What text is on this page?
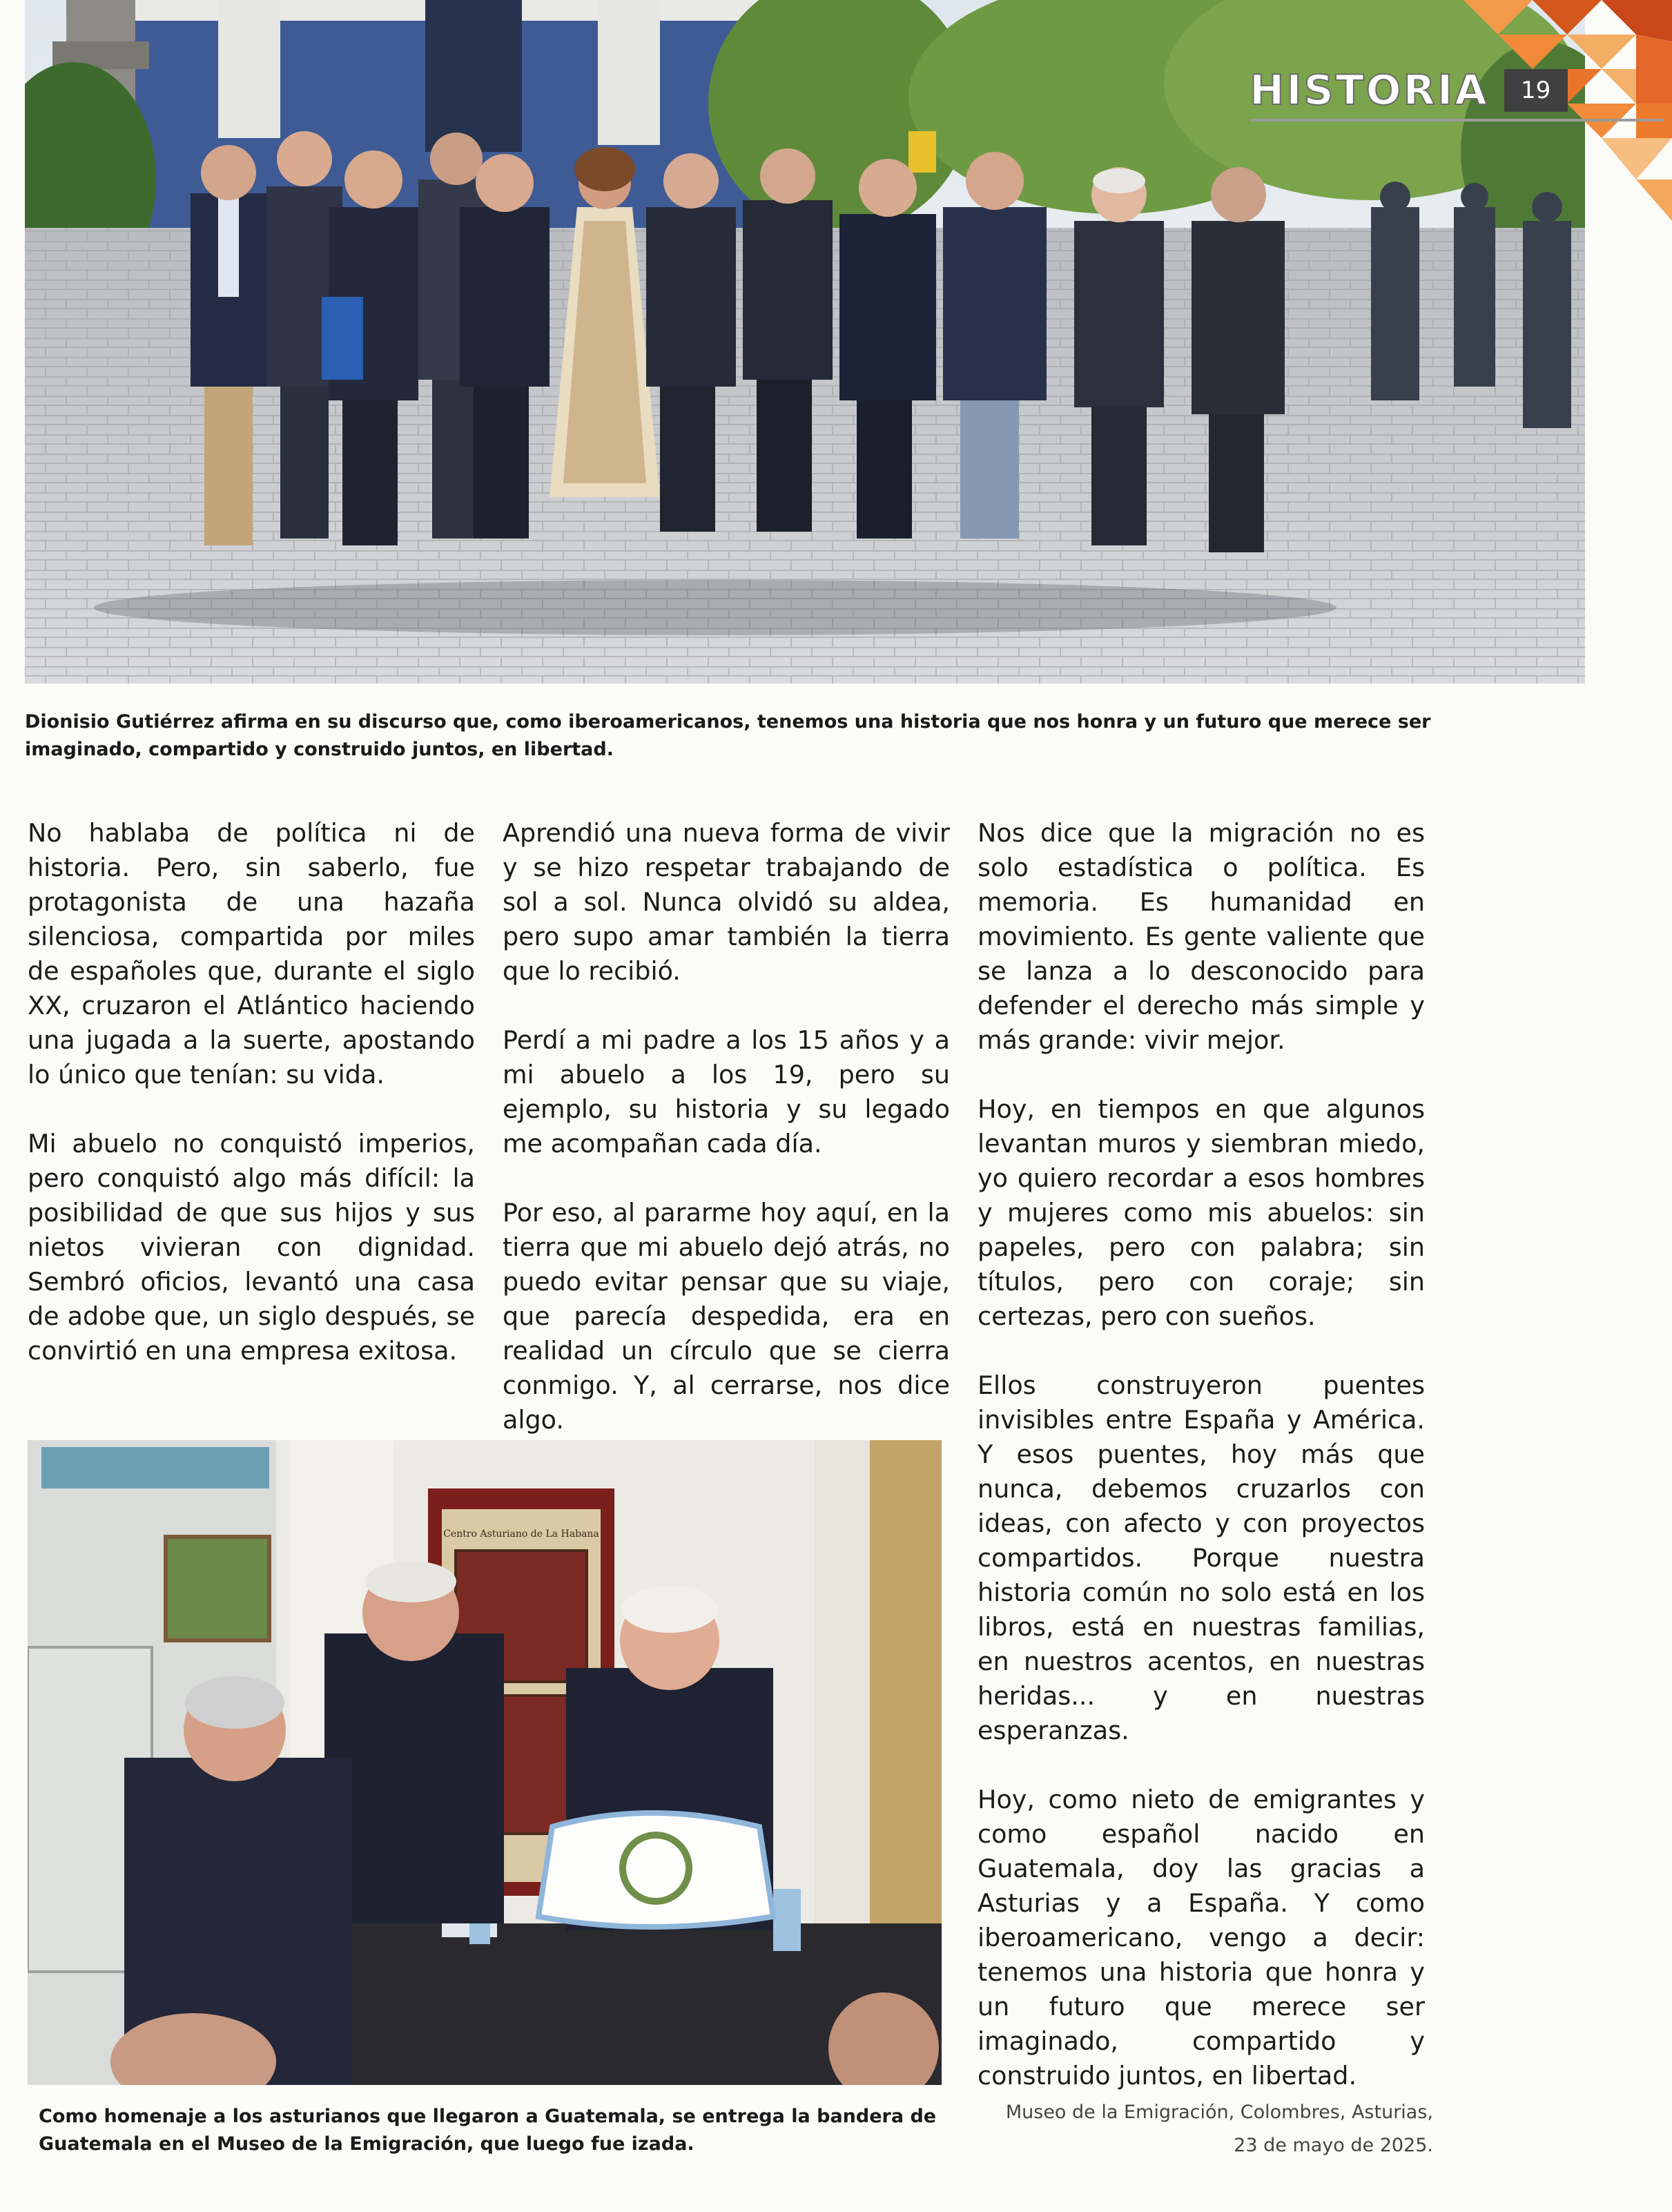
HISTORIA	19
Dionisio Gutiérrez afirma en su discurso que, como iberoamericanos, tenemos una historia que nos honra y un futuro que merece ser imaginado, compartido y construido juntos, en libertad.

No hablaba de política ni de historia. Pero, sin saberlo, fue protagonista de una hazaña silenciosa, compartida por miles de españoles que, durante el siglo XX, cruzaron el Atlántico haciendo una jugada a la suerte, apostando lo único que tenían: su vida.

Mi abuelo no conquistó imperios, pero conquistó algo más difícil: la posibilidad de que sus hijos y sus nietos vivieran con dignidad. Sembró oficios, levantó una casa de adobe que, un siglo después, se convirtió en una empresa exitosa.

Aprendió una nueva forma de vivir y se hizo respetar trabajando de sol a sol. Nunca olvidó su aldea, pero supo amar también la tierra que lo recibió.

Perdí a mi padre a los 15 años y a mi abuelo a los 19, pero su ejemplo, su historia y su legado me acompañan cada día.

Por eso, al pararme hoy aquí, en la tierra que mi abuelo dejó atrás, no puedo evitar pensar que su viaje, que parecía despedida, era en realidad un círculo que se cierra conmigo. Y, al cerrarse, nos dice algo.

Nos dice que la migración no es solo estadística o política. Es memoria. Es humanidad en movimiento. Es gente valiente que se lanza a lo desconocido para defender el derecho más simple y más grande: vivir mejor.

Hoy, en tiempos en que algunos levantan muros y siembran miedo, yo quiero recordar a esos hombres y mujeres como mis abuelos: sin papeles, pero con palabra; sin títulos, pero con coraje; sin certezas, pero con sueños.

Ellos construyeron puentes invisibles entre España y América. Y esos puentes, hoy más que nunca, debemos cruzarlos con ideas, con afecto y con proyectos compartidos. Porque nuestra historia común no solo está en los libros, está en nuestras familias, en nuestros acentos, en nuestras heridas... y en nuestras esperanzas.

Hoy, como nieto de emigrantes y como español nacido en Guatemala, doy las gracias a Asturias y a España. Y como iberoamericano, vengo a decir: tenemos una historia que honra y un futuro que merece ser imaginado, compartido y construido juntos, en libertad.

Centro Asturiano de La Habana
Como homenaje a los asturianos que llegaron a Guatemala, se entrega la bandera de Guatemala en el Museo de la Emigración, que luego fue izada.
Museo de la Emigración, Colombres, Asturias,
23 de mayo de 2025.
